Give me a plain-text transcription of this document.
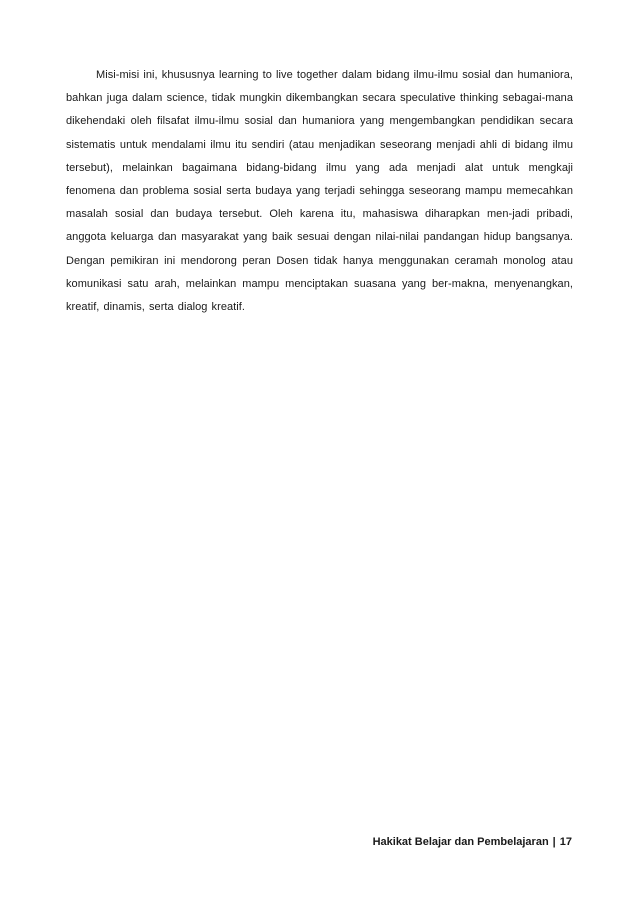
Misi-misi ini, khususnya learning to live together dalam bidang ilmu-ilmu sosial dan humaniora, bahkan juga dalam science, tidak mungkin dikembangkan secara speculative thinking sebagai-mana dikehendaki oleh filsafat ilmu-ilmu sosial dan humaniora yang mengembangkan pendidikan secara sistematis untuk mendalami ilmu itu sendiri (atau menjadikan seseorang menjadi ahli di bidang ilmu tersebut), melainkan bagaimana bidang-bidang ilmu yang ada menjadi alat untuk mengkaji fenomena dan problema sosial serta budaya yang terjadi sehingga seseorang mampu memecahkan masalah sosial dan budaya tersebut. Oleh karena itu, mahasiswa diharapkan men-jadi pribadi, anggota keluarga dan masyarakat yang baik sesuai dengan nilai-nilai pandangan hidup bangsanya. Dengan pemikiran ini mendorong peran Dosen tidak hanya menggunakan ceramah monolog atau komunikasi satu arah, melainkan mampu menciptakan suasana yang ber-makna, menyenangkan, kreatif, dinamis, serta dialog kreatif.

Hakikat Belajar dan Pembelajaran | 17
